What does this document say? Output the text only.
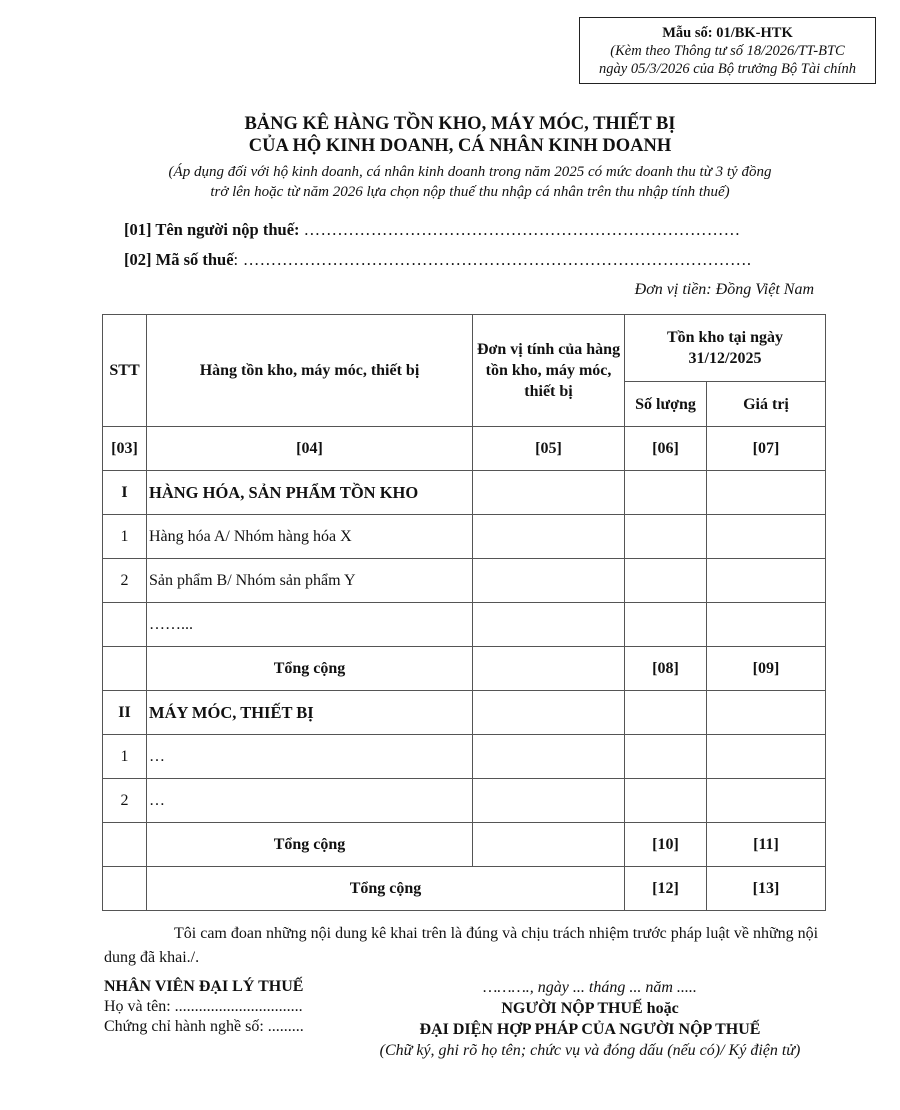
Mẫu số: 01/BK-HTK
(Kèm theo Thông tư số 18/2026/TT-BTC
ngày 05/3/2026 của Bộ trưởng Bộ Tài chính
BẢNG KÊ HÀNG TỒN KHO, MÁY MÓC, THIẾT BỊ
CỦA HỘ KINH DOANH, CÁ NHÂN KINH DOANH
(Áp dụng đối với hộ kinh doanh, cá nhân kinh doanh trong năm 2025 có mức doanh thu từ 3 tỷ đồng
trở lên hoặc từ năm 2026 lựa chọn nộp thuế thu nhập cá nhân trên thu nhập tính thuế)
[01] Tên người nộp thuế: ……………………………………………………………………
[02] Mã số thuế: ……………………………………………………………………………….
Đơn vị tiền: Đồng Việt Nam
STT	Hàng tồn kho, máy móc, thiết bị	Đơn vị tính của hàng tồn kho, máy móc, thiết bị	Tồn kho tại ngày 31/12/2025	
			Số lượng	Giá trị
[03]	[04]	[05]	[06]	[07]
I	HÀNG HÓA, SẢN PHẨM TỒN KHO			
1	Hàng hóa A/ Nhóm hàng hóa X			
2	Sản phẩm B/ Nhóm sản phẩm Y			
	……...			
	Tổng cộng		[08]	[09]
II	MÁY MÓC, THIẾT BỊ			
1	…			
2	…			
	Tổng cộng		[10]	[11]
	Tổng cộng		[12]	[13]
Tôi cam đoan những nội dung kê khai trên là đúng và chịu trách nhiệm trước pháp luật về những nội dung đã khai./.
NHÂN VIÊN ĐẠI LÝ THUẾ
Họ và tên: ................................
Chứng chỉ hành nghề số: .........
………., ngày ... tháng ... năm .....
NGƯỜI NỘP THUẾ hoặc
ĐẠI DIỆN HỢP PHÁP CỦA NGƯỜI NỘP THUẾ
(Chữ ký, ghi rõ họ tên; chức vụ và đóng dấu (nếu có)/ Ký điện tử)
